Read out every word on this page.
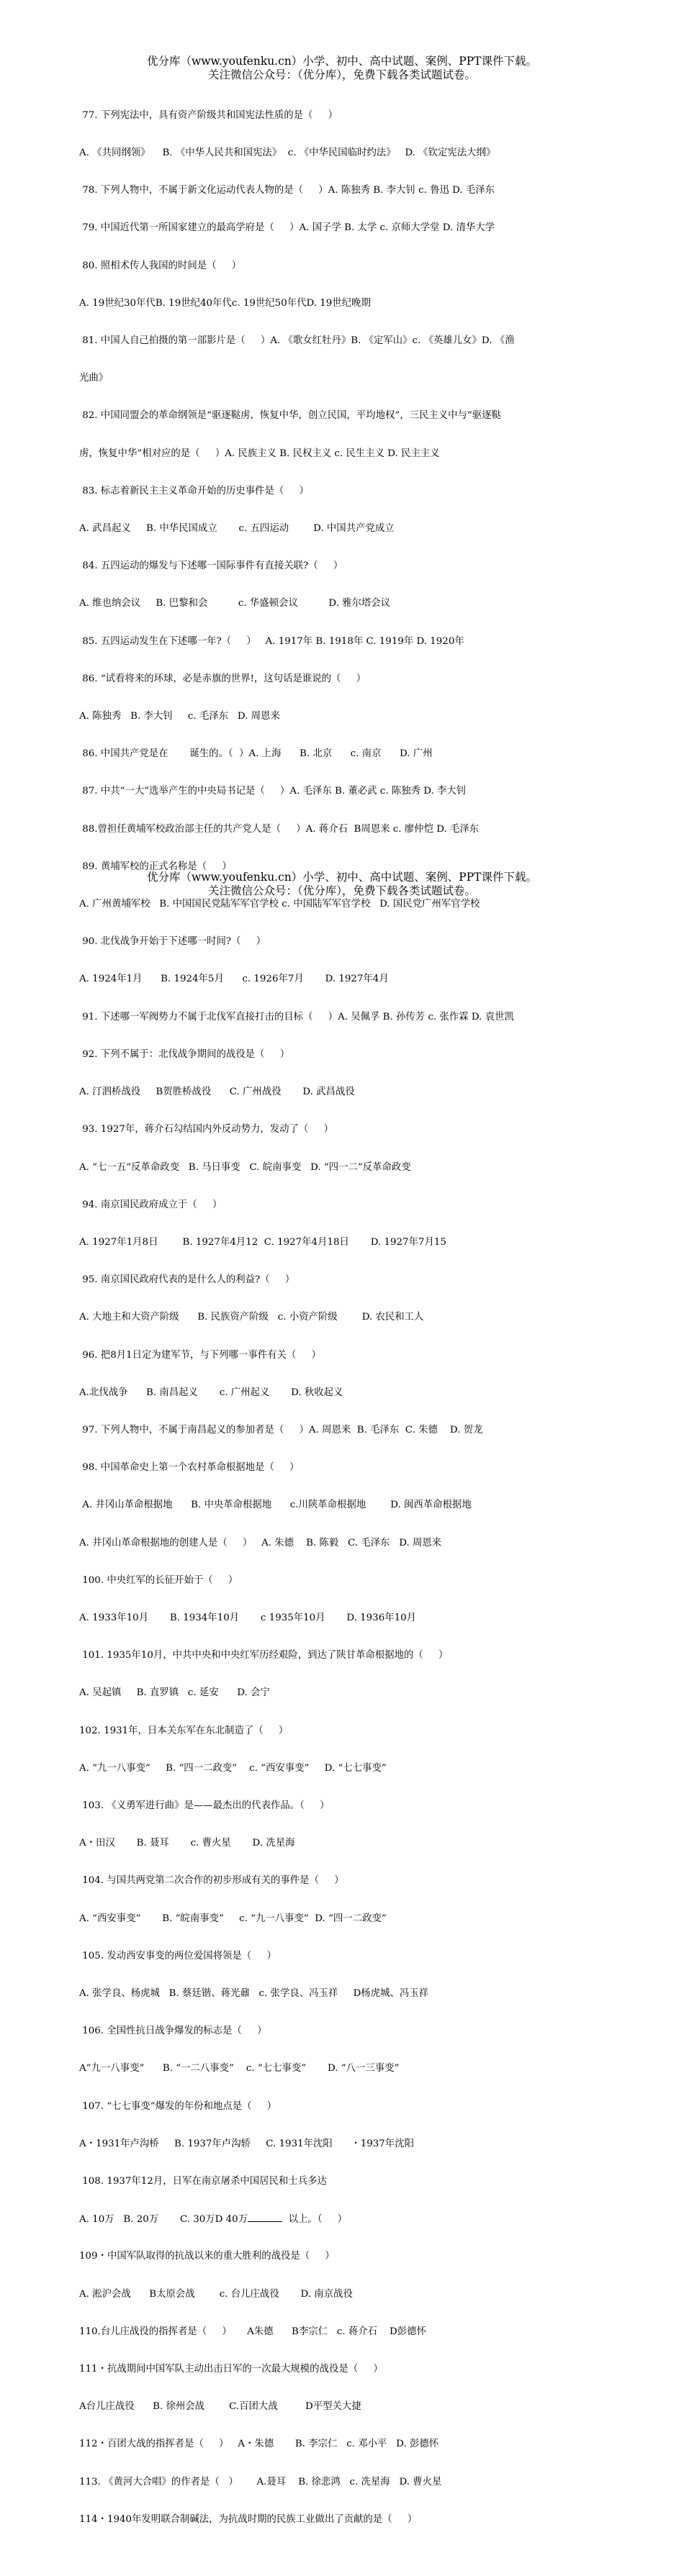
优分库（www.youfenku.cn）小学、初中、高中试题、案例、PPT课件下载。
关注微信公众号：（优分库），免费下载各类试题试卷。

77. 下列宪法中，具有资产阶级共和国宪法性质的是（     ）

A. 《共同纲领》    B. 《中华人民共和国宪法》  c. 《中华民国临时约法》   D. 《钦定宪法大纲》

78. 下列人物中，不属于新文化运动代表人物的是（     ）A. 陈独秀 B. 李大钊 c. 鲁迅 D. 毛泽东

79. 中国近代第一所国家建立的最高学府是（     ）A. 国子学 B. 太学 c. 京师大学堂 D. 清华大学

80. 照相术传人我国的时间是（     ）

A. 19世纪30年代B. 19世纪40年代c. 19世纪50年代D. 19世纪晚期

81. 中国人自己拍摄的第一部影片是（     ）A. 《歌女红牡丹》B. 《定军山》c. 《英雄儿女》D. 《渔

光曲》

82. 中国同盟会的革命纲领是“驱逐鞑虏，恢复中华，创立民国，平均地权”，三民主义中与“驱逐鞑

虏，恢复中华”相对应的是（     ）A. 民族主义 B. 民权主义 c. 民生主义 D. 民主主义

83. 标志着新民主主义革命开始的历史事件是（     ）

A. 武昌起义     B. 中华民国成立       c. 五四运动        D. 中国共产党成立

84. 五四运动的爆发与下述哪一国际事件有直接关联?（     ）

A. 维也纳会议     B. 巴黎和会          c. 华盛顿会议          D. 雅尔塔会议

85. 五四运动发生在下述哪一年?（     ）   A. 1917年 B. 1918年 C. 1919年 D. 1920年

86. “试看将来的环球，必是赤旗的世界!，这句话是谁说的（     ）

A. 陈独秀   B. 李大钊     c. 毛泽东   D. 周恩来

86. 中国共产党是在       诞生的。（  ）A. 上海      B. 北京      c. 南京      D. 广州

87. 中共“一大”选举产生的中央局书记是（     ）A. 毛泽东 B. 董必武 c. 陈独秀 D. 李大钊

88.曾担任黄埔军校政治部主任的共产党人是（     ）A. 蒋介石  B周恩来 c. 廖仲恺 D. 毛泽东

89. 黄埔军校的正式名称是（     ）

A. 广州黄埔军校   B. 中国国民党陆军军官学校 c. 中国陆军军官学校   D. 国民党广州军官学校

90. 北伐战争开始于下述哪一时间?（     ）

A. 1924年1月      B. 1924年5月      c. 1926年7月       D. 1927年4月

91. 下述哪一军阀势力不属于北伐军直接打击的目标（     ）A. 吴佩孚 B. 孙传芳 c. 张作霖 D. 袁世凯

92. 下列不属于：北伐战争期间的战役是（     ）

A. 汀泗桥战役     B贺胜桥战役      C. 广州战役       D. 武昌战役

93. 1927年，蒋介石勾结国内外反动势力，发动了（     ）

A. “七一五”反革命政变   B. 马日事变   C. 皖南事变   D. “四一二”反革命政变

94. 南京国民政府成立于（     ）

A. 1927年1月8日        B. 1927年4月12  C. 1927年4月18日       D. 1927年7月15

95. 南京国民政府代表的是什么人的利益?（     ）

A. 大地主和大资产阶级      B. 民族资产阶级   c. 小资产阶级        D. 农民和工人

96. 把8月1日定为建军节，与下列哪一事件有关（     ）

A.北伐战争      B. 南昌起义       c. 广州起义       D. 秋收起义

97. 下列人物中，不属于南昌起义的参加者是（     ）A. 周恩来  B. 毛泽东  C. 朱德    D. 贺龙

98. 中国革命史上第一个农村革命根据地是（     ）

A. 井冈山革命根据地      B. 中央革命根据地      c.川陕革命根据地        D. 闽西革命根据地

A. 井冈山革命根据地的创建人是（     ）   A. 朱德    B. 陈毅   C. 毛泽东   D. 周恩来

100. 中央红军的长征开始于（     ）

A. 1933年10月       B. 1934年10月       c 1935年10月       D. 1936年10月

101. 1935年10月，中共中央和中央红军历经艰险，到达了陕甘革命根据地的（     ）

A. 吴起镇     B. 直罗镇   c. 延安      D. 会宁

102. 1931年，日本关东军在东北制造了（     ）

A. “九一八事变”     B. “四一二政变”    c. “西安事变”     D. “七七事变”

103. 《义勇军进行曲》是——最杰出的代表作品。（     ）

A・田汉       B. 聂耳       c. 曹火星       D. 冼星海

104. 与国共两党第二次合作的初步形成有关的事件是（     ）

A. “西安事变”       B. “皖南事变”     c. “九一八事变”  D. “四一二政变”

105. 发动西安事变的两位爱国将领是（     ）

A. 张学良、杨虎城   B. 蔡廷锴、蒋光鼐   c. 张学良、冯玉祥     D杨虎城、冯玉祥

106. 全国性抗日战争爆发的标志是（     ）

A“九一八事变”      B. “一二八事变”    c. “七七事变”       D. “八一三事变”

107. “七七事变”爆发的年份和地点是（     ）

A・1931年卢沟桥     B. 1937年卢沟轿     C. 1931年沈阳      ・1937年沈阳

108. 1937年12月，日军在南京屠杀中国居民和士兵多达

A. 10万   B. 20万       C. 30万D 40万	以上。（     ）

109・中国军队取得的抗战以来的重大胜利的战役是（     ）

A. 淞沪会战      B太原会战        c. 台儿庄战役       D. 南京战役

110.台儿庄战役的指挥者是（     ）     A朱德      B李宗仁   c. 蒋介石    D彭德怀

111・抗战期间中国军队主动出击日军的一次最大规模的战役是（     ）

A台儿庄战役      B. 徐州会战        C.百团大战         D平型关大捷

112・百团大战的指挥者是（     ）   A・朱德       B. 李宗仁   c. 邓小平   D. 彭德怀

113. 《黄河大合唱》的作者是（   ）      A.聂耳    B. 徐悲鸿   c. 冼星海   D. 曹火星

114・1940年发明联合制碱法，为抗战时期的民族工业做出了贡献的是（     ）

优分库（www.youfenku.cn）小学、初中、高中试题、案例、PPT课件下载。
关注微信公众号：（优分库），免费下载各类试题试卷。
